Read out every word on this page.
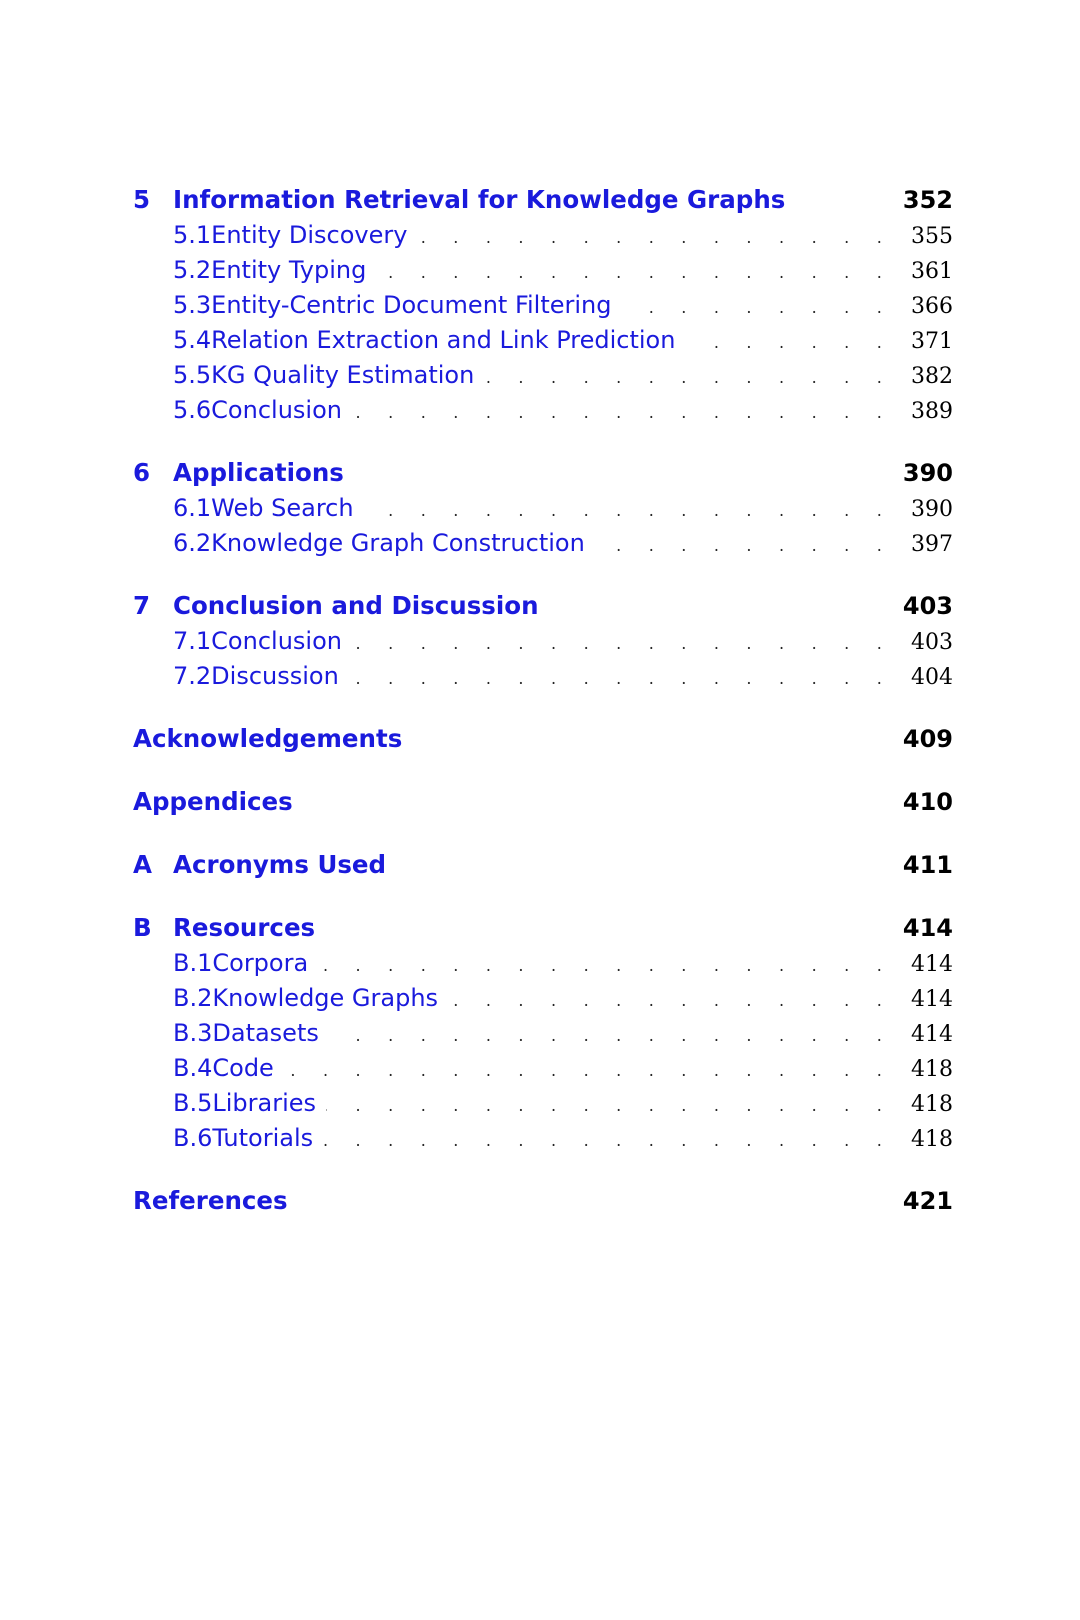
5 Information Retrieval for Knowledge Graphs	352
5.1 Entity Discovery . . .	355
5.2 Entity Typing . . .	361
5.3 Entity-Centric Document Filtering . . .	366
5.4 Relation Extraction and Link Prediction . . .	371
5.5 KG Quality Estimation . . .	382
5.6 Conclusion . . .	389
6 Applications	390
6.1 Web Search . . .	390
6.2 Knowledge Graph Construction . . .	397
7 Conclusion and Discussion	403
7.1 Conclusion . . .	403
7.2 Discussion . . .	404
Acknowledgements	409
Appendices	410
A Acronyms Used	411
B Resources	414
B.1 Corpora . . .	414
B.2 Knowledge Graphs . . .	414
B.3 Datasets . . .	414
B.4 Code . . .	418
B.5 Libraries . . .	418
B.6 Tutorials . . .	418
References	421
